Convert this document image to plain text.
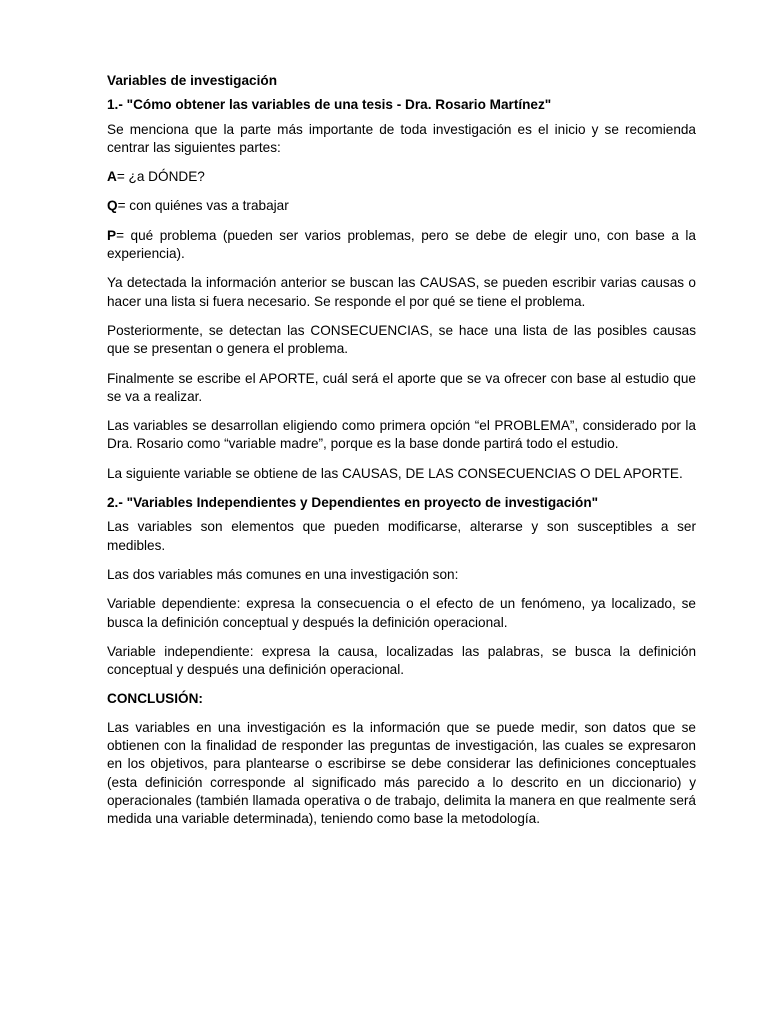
Variables de investigación

1.- "Cómo obtener las variables de una tesis - Dra. Rosario Martínez"

Se menciona que la parte más importante de toda investigación es el inicio y se recomienda centrar las siguientes partes:

A= ¿a DÓNDE?

Q= con quiénes vas a trabajar

P= qué problema (pueden ser varios problemas, pero se debe de elegir uno, con base a la experiencia).

Ya detectada la información anterior se buscan las CAUSAS, se pueden escribir varias causas o hacer una lista si fuera necesario. Se responde el por qué se tiene el problema.

Posteriormente, se detectan las CONSECUENCIAS, se hace una lista de las posibles causas que se presentan o genera el problema.

Finalmente se escribe el APORTE, cuál será el aporte que se va ofrecer con base al estudio que se va a realizar.

Las variables se desarrollan eligiendo como primera opción “el PROBLEMA”, considerado por la Dra. Rosario como “variable madre”, porque es la base donde partirá todo el estudio.

La siguiente variable se obtiene de las CAUSAS, DE LAS CONSECUENCIAS O DEL APORTE.

2.- "Variables Independientes y Dependientes en proyecto de investigación"

Las variables son elementos que pueden modificarse, alterarse y son susceptibles a ser medibles.

Las dos variables más comunes en una investigación son:

Variable dependiente: expresa la consecuencia o el efecto de un fenómeno, ya localizado, se busca la definición conceptual y después la definición operacional.

Variable independiente: expresa la causa, localizadas las palabras, se busca la definición conceptual y después una definición operacional.

CONCLUSIÓN:

Las variables en una investigación es la información que se puede medir, son datos que se obtienen con la finalidad de responder las preguntas de investigación, las cuales se expresaron en los objetivos, para plantearse o escribirse se debe considerar las definiciones conceptuales (esta definición corresponde al significado más parecido a lo descrito en un diccionario) y operacionales (también llamada operativa o de trabajo, delimita la manera en que realmente será medida una variable determinada), teniendo como base la metodología.
